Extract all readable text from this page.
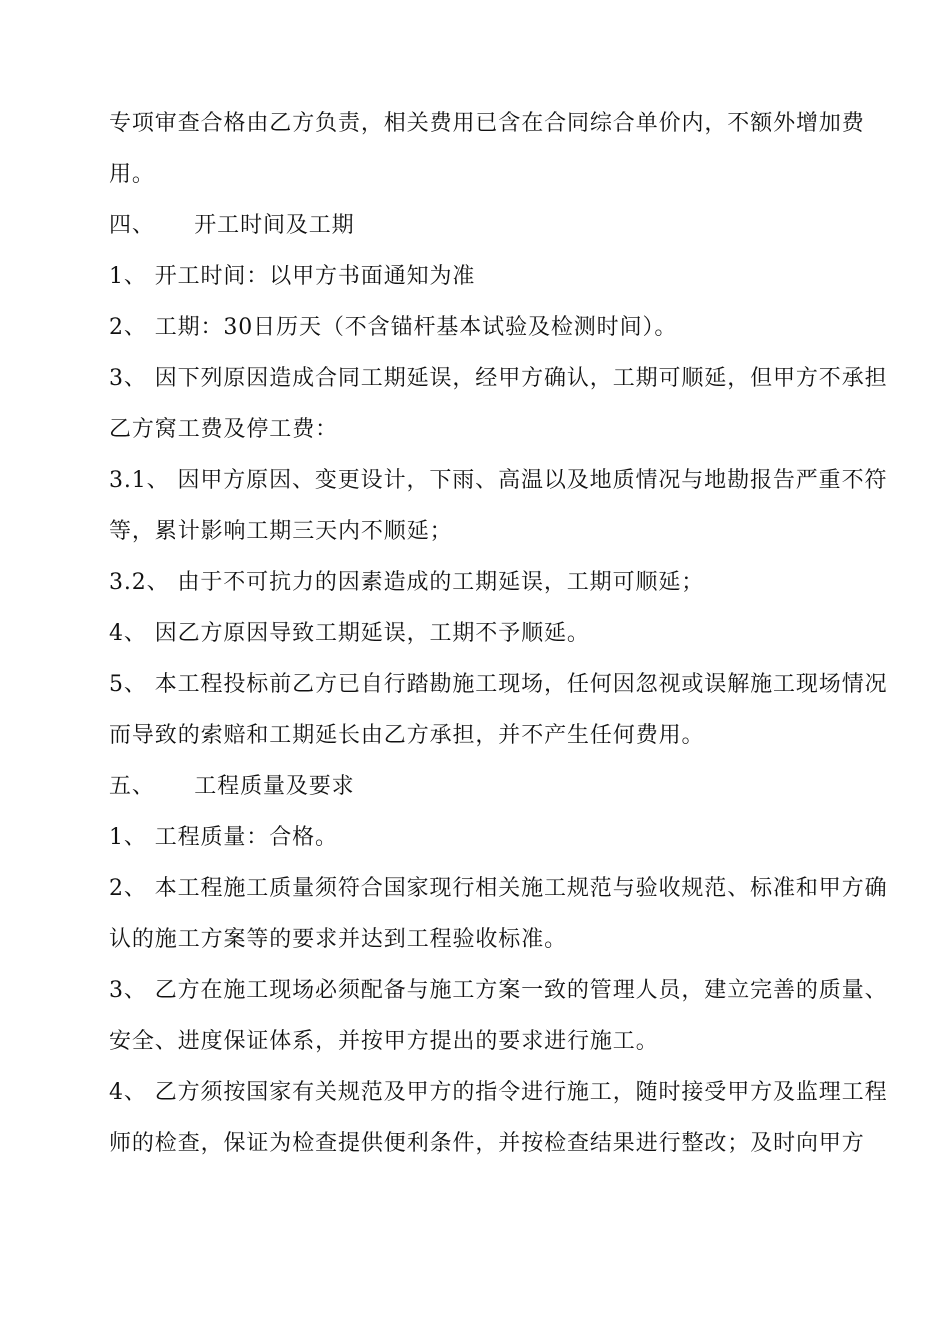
专项审查合格由乙方负责，相关费用已含在合同综合单价内，不额外增加费
用。
四、     开工时间及工期
1、 开工时间：以甲方书面通知为准
2、 工期：30日历天（不含锚杆基本试验及检测时间）。
3、 因下列原因造成合同工期延误，经甲方确认，工期可顺延，但甲方不承担
乙方窝工费及停工费：
3.1、 因甲方原因、变更设计，下雨、高温以及地质情况与地勘报告严重不符
等，累计影响工期三天内不顺延；
3.2、 由于不可抗力的因素造成的工期延误，工期可顺延；
4、 因乙方原因导致工期延误，工期不予顺延。
5、 本工程投标前乙方已自行踏勘施工现场，任何因忽视或误解施工现场情况
而导致的索赔和工期延长由乙方承担，并不产生任何费用。
五、     工程质量及要求
1、 工程质量：合格。
2、 本工程施工质量须符合国家现行相关施工规范与验收规范、标准和甲方确
认的施工方案等的要求并达到工程验收标准。
3、 乙方在施工现场必须配备与施工方案一致的管理人员，建立完善的质量、
安全、进度保证体系，并按甲方提出的要求进行施工。
4、 乙方须按国家有关规范及甲方的指令进行施工，随时接受甲方及监理工程
师的检查，保证为检查提供便利条件，并按检查结果进行整改；及时向甲方
